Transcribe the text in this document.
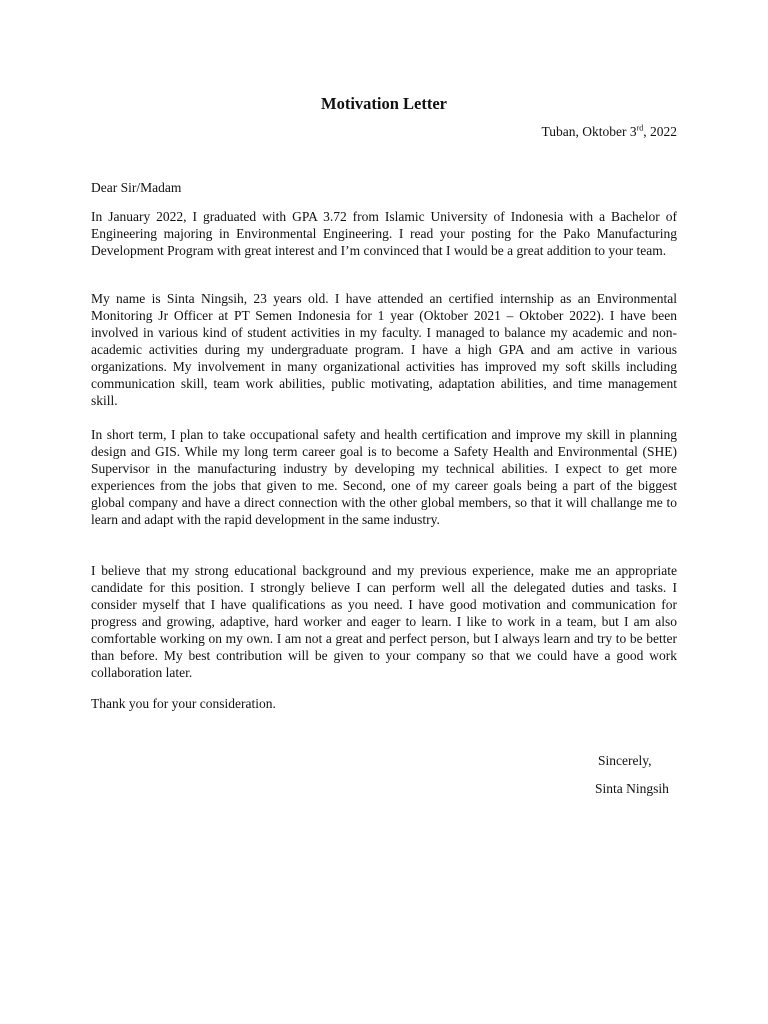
Motivation Letter
Tuban, Oktober 3rd, 2022

Dear Sir/Madam

In January 2022, I graduated with GPA 3.72 from Islamic University of Indonesia with a Bachelor of Engineering majoring in Environmental Engineering. I read your posting for the Pako Manufacturing Development Program with great interest and I’m convinced that I would be a great addition to your team.

My name is Sinta Ningsih, 23 years old. I have attended an certified internship as an Environmental Monitoring Jr Officer at PT Semen Indonesia for 1 year (Oktober 2021 – Oktober 2022). I have been involved in various kind of student activities in my faculty. I managed to balance my academic and non-academic activities during my undergraduate program. I have a high GPA and am active in various organizations. My involvement in many organizational activities has improved my soft skills including communication skill, team work abilities, public motivating, adaptation abilities, and time management skill.

In short term, I plan to take occupational safety and health certification and improve my skill in planning design and GIS. While my long term career goal is to become a Safety Health and Environmental (SHE) Supervisor in the manufacturing industry by developing my technical abilities. I expect to get more experiences from the jobs that given to me. Second, one of my career goals being a part of the biggest global company and have a direct connection with the other global members, so that it will challange me to learn and adapt with the rapid development in the same industry.

I believe that my strong educational background and my previous experience, make me an appropriate candidate for this position. I strongly believe I can perform well all the delegated duties and tasks. I consider myself that I have qualifications as you need. I have good motivation and communication for progress and growing, adaptive, hard worker and eager to learn. I like to work in a team, but I am also comfortable working on my own. I am not a great and perfect person, but I always learn and try to be better than before. My best contribution will be given to your company so that we could have a good work collaboration later.

Thank you for your consideration.

Sincerely,

Sinta Ningsih
